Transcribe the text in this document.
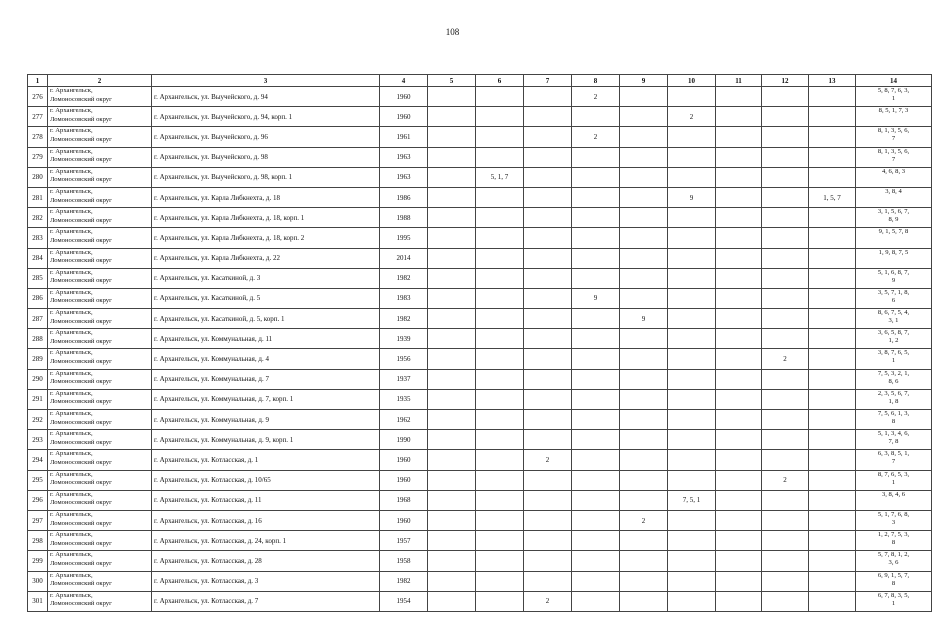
108
1	2	3	4	5	6	7	8	9	10	11	12	13	14
276	г. Архангельск,
Ломоносовский округ	г. Архангельск, ул. Выучейского, д. 94	1960				2						5, 8, 7, 6, 3,
1
277	г. Архангельск,
Ломоносовский округ	г. Архангельск, ул. Выучейского, д. 94, корп. 1	1960						2				8, 5, 1, 7, 3
278	г. Архангельск,
Ломоносовский округ	г. Архангельск, ул. Выучейского, д. 96	1961				2						8, 1, 3, 5, 6,
7
279	г. Архангельск,
Ломоносовский округ	г. Архангельск, ул. Выучейского, д. 98	1963										8, 1, 3, 5, 6,
7
280	г. Архангельск,
Ломоносовский округ	г. Архангельск, ул. Выучейского, д. 98, корп. 1	1963		5, 1, 7								4, 6, 8, 3
281	г. Архангельск,
Ломоносовский округ	г. Архангельск, ул. Карла Либкнехта, д. 18	1986						9			1, 5, 7	3, 8, 4
282	г. Архангельск,
Ломоносовский округ	г. Архангельск, ул. Карла Либкнехта, д. 18, корп. 1	1988										3, 1, 5, 6, 7,
8, 9
283	г. Архангельск,
Ломоносовский округ	г. Архангельск, ул. Карла Либкнехта, д. 18, корп. 2	1995										9, 1, 5, 7, 8
284	г. Архангельск,
Ломоносовский округ	г. Архангельск, ул. Карла Либкнехта, д. 22	2014										1, 9, 8, 7, 5
285	г. Архангельск,
Ломоносовский округ	г. Архангельск, ул. Касаткиной, д. 3	1982										5, 1, 6, 8, 7,
9
286	г. Архангельск,
Ломоносовский округ	г. Архангельск, ул. Касаткиной, д. 5	1983				9						3, 5, 7, 1, 8,
6
287	г. Архангельск,
Ломоносовский округ	г. Архангельск, ул. Касаткиной, д. 5, корп. 1	1982					9					8, 6, 7, 5, 4,
3, 1
288	г. Архангельск,
Ломоносовский округ	г. Архангельск, ул. Коммунальная, д. 11	1939										3, 6, 5, 8, 7,
1, 2
289	г. Архангельск,
Ломоносовский округ	г. Архангельск, ул. Коммунальная, д. 4	1956								2		3, 8, 7, 6, 5,
1
290	г. Архангельск,
Ломоносовский округ	г. Архангельск, ул. Коммунальная, д. 7	1937										7, 5, 3, 2, 1,
8, 6
291	г. Архангельск,
Ломоносовский округ	г. Архангельск, ул. Коммунальная, д. 7, корп. 1	1935										2, 3, 5, 6, 7,
1, 8
292	г. Архангельск,
Ломоносовский округ	г. Архангельск, ул. Коммунальная, д. 9	1962										7, 5, 6, 1, 3,
8
293	г. Архангельск,
Ломоносовский округ	г. Архангельск, ул. Коммунальная, д. 9, корп. 1	1990										5, 1, 3, 4, 6,
7, 8
294	г. Архангельск,
Ломоносовский округ	г. Архангельск, ул. Котласская, д. 1	1960			2							6, 3, 8, 5, 1,
7
295	г. Архангельск,
Ломоносовский округ	г. Архангельск, ул. Котласская, д. 10/65	1960								2		8, 7, 6, 5, 3,
1
296	г. Архангельск,
Ломоносовский округ	г. Архангельск, ул. Котласская, д. 11	1968						7, 5, 1				3, 8, 4, 6
297	г. Архангельск,
Ломоносовский округ	г. Архангельск, ул. Котласская, д. 16	1960					2					5, 1, 7, 6, 8,
3
298	г. Архангельск,
Ломоносовский округ	г. Архангельск, ул. Котласская, д. 24, корп. 1	1957										1, 2, 7, 5, 3,
8
299	г. Архангельск,
Ломоносовский округ	г. Архангельск, ул. Котласская, д. 28	1958										5, 7, 8, 1, 2,
3, 6
300	г. Архангельск,
Ломоносовский округ	г. Архангельск, ул. Котласская, д. 3	1982										6, 9, 1, 5, 7,
8
301	г. Архангельск,
Ломоносовский округ	г. Архангельск, ул. Котласская, д. 7	1954			2							6, 7, 8, 3, 5,
1
